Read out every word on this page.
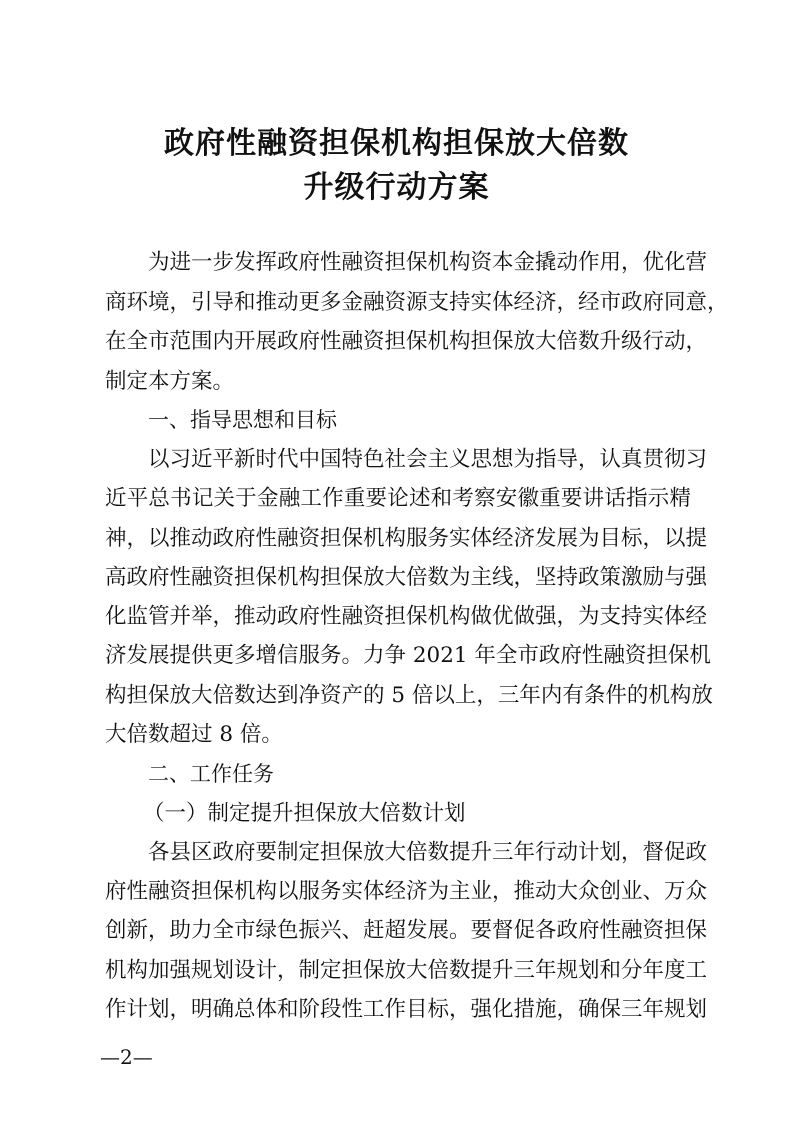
政府性融资担保机构担保放大倍数
升级行动方案
为进一步发挥政府性融资担保机构资本金撬动作用，优化营
商环境，引导和推动更多金融资源支持实体经济，经市政府同意，
在全市范围内开展政府性融资担保机构担保放大倍数升级行动，
制定本方案。
一、指导思想和目标
以习近平新时代中国特色社会主义思想为指导，认真贯彻习
近平总书记关于金融工作重要论述和考察安徽重要讲话指示精
神，以推动政府性融资担保机构服务实体经济发展为目标，以提
高政府性融资担保机构担保放大倍数为主线，坚持政策激励与强
化监管并举，推动政府性融资担保机构做优做强，为支持实体经
济发展提供更多增信服务。力争 2021 年全市政府性融资担保机
构担保放大倍数达到净资产的 5 倍以上，三年内有条件的机构放
大倍数超过 8 倍。
二、工作任务
（一）制定提升担保放大倍数计划
各县区政府要制定担保放大倍数提升三年行动计划，督促政
府性融资担保机构以服务实体经济为主业，推动大众创业、万众
创新，助力全市绿色振兴、赶超发展。要督促各政府性融资担保
机构加强规划设计，制定担保放大倍数提升三年规划和分年度工
作计划，明确总体和阶段性工作目标，强化措施，确保三年规划
—2—
